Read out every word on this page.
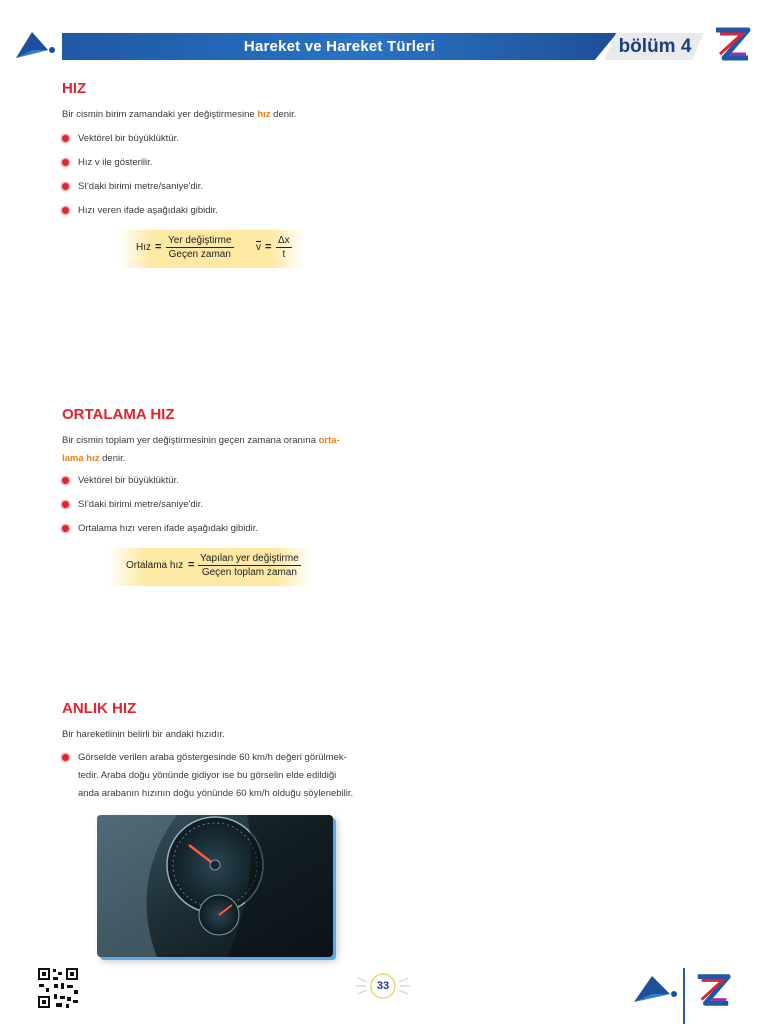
Hareket ve Hareket Türleri	bölüm 4
HIZ
Bir cismin birim zamandaki yer değiştirmesine hız denir.
Vektörel bir büyüklüktür.
Hız v ile gösterilir.
SI'daki birimi metre/saniye'dir.
Hızı veren ifade aşağıdaki gibidir.
Hız =
Yer değiştirme
Geçen zaman
$\overline{v} = \frac{\Delta x}{t}$
ORTALAMA HIZ
Bir cismin toplam yer değiştirmesinin geçen zamana oranına orta-
lama hız denir.
Vektörel bir büyüklüktür.
SI'daki birimi metre/saniye'dir.
Ortalama hızı veren ifade aşağıdaki gibidir.
Ortalama hız =
Yapılan yer değiştirme
Geçen toplam zaman
ANLIK HIZ
Bir hareketlinin belirli bir andaki hızıdır.
Görselde verilen araba göstergesinde 60 km/h değeri görülmek-
tedir. Araba doğu yönünde gidiyor ise bu görselin elde edildiği
anda arabanın hızının doğu yönünde 60 km/h olduğu söylenebilir.
33
